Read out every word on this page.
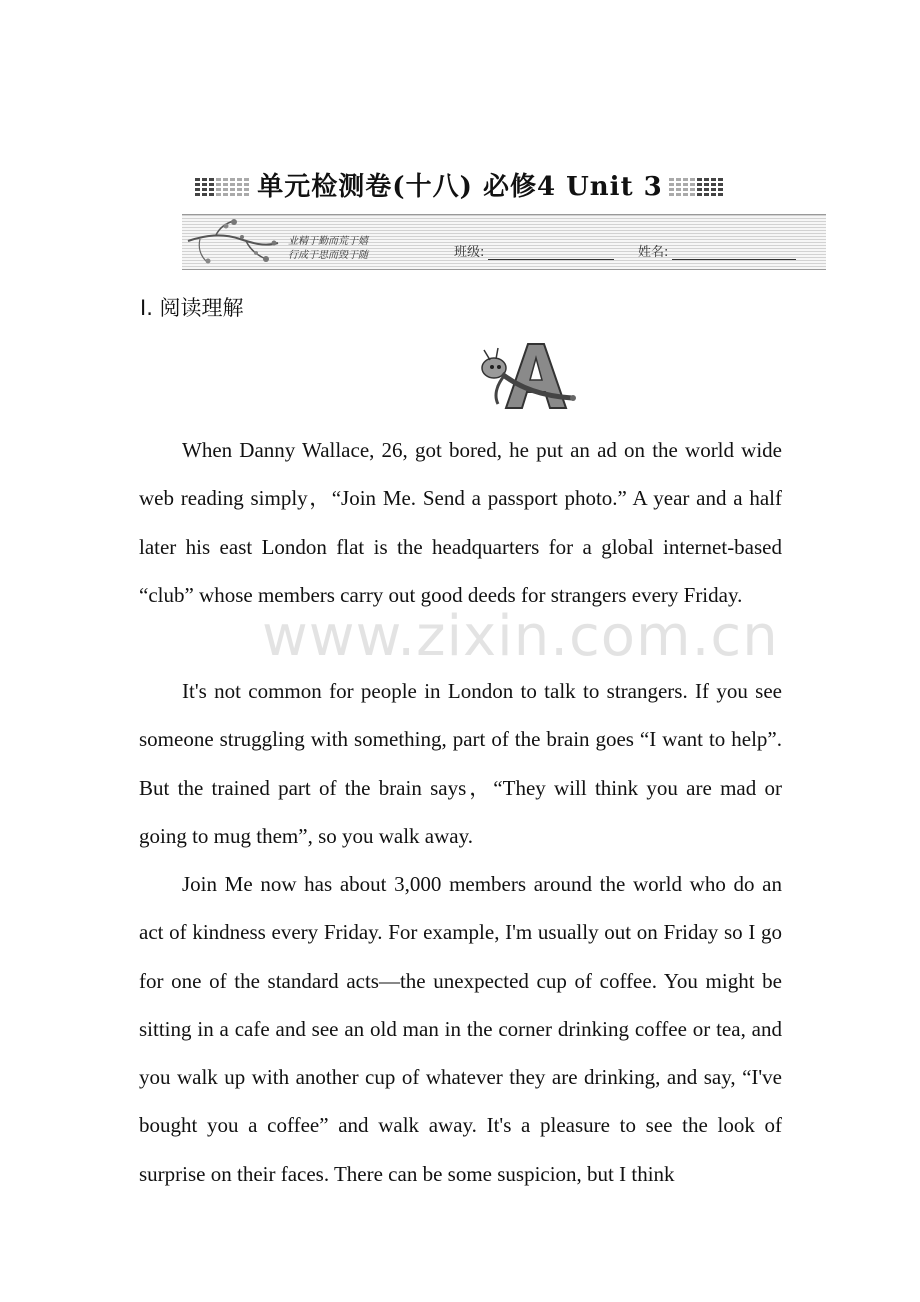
单元检测卷(十八) 必修4 Unit 3
业精于勤而荒于嬉
行成于思而毁于随	班级:	姓名:
Ⅰ. 阅读理解
www.zixin.com.cn

When Danny Wallace, 26, got bored, he put an ad on the world wide web reading simply，“Join Me. Send a passport photo.” A year and a half later his east London flat is the headquarters for a global internet-based “club” whose members carry out good deeds for strangers every Friday.

It's not common for people in London to talk to strangers. If you see someone struggling with something, part of the brain goes “I want to help”. But the trained part of the brain says，“They will think you are mad or going to mug them”, so you walk away.

Join Me now has about 3,000 members around the world who do an act of kindness every Friday. For example, I'm usually out on Friday so I go for one of the standard acts—the unexpected cup of coffee. You might be sitting in a cafe and see an old man in the corner drinking coffee or tea, and you walk up with another cup of whatever they are drinking, and say, “I've bought you a coffee” and walk away. It's a pleasure to see the look of surprise on their faces. There can be some suspicion, but I think
